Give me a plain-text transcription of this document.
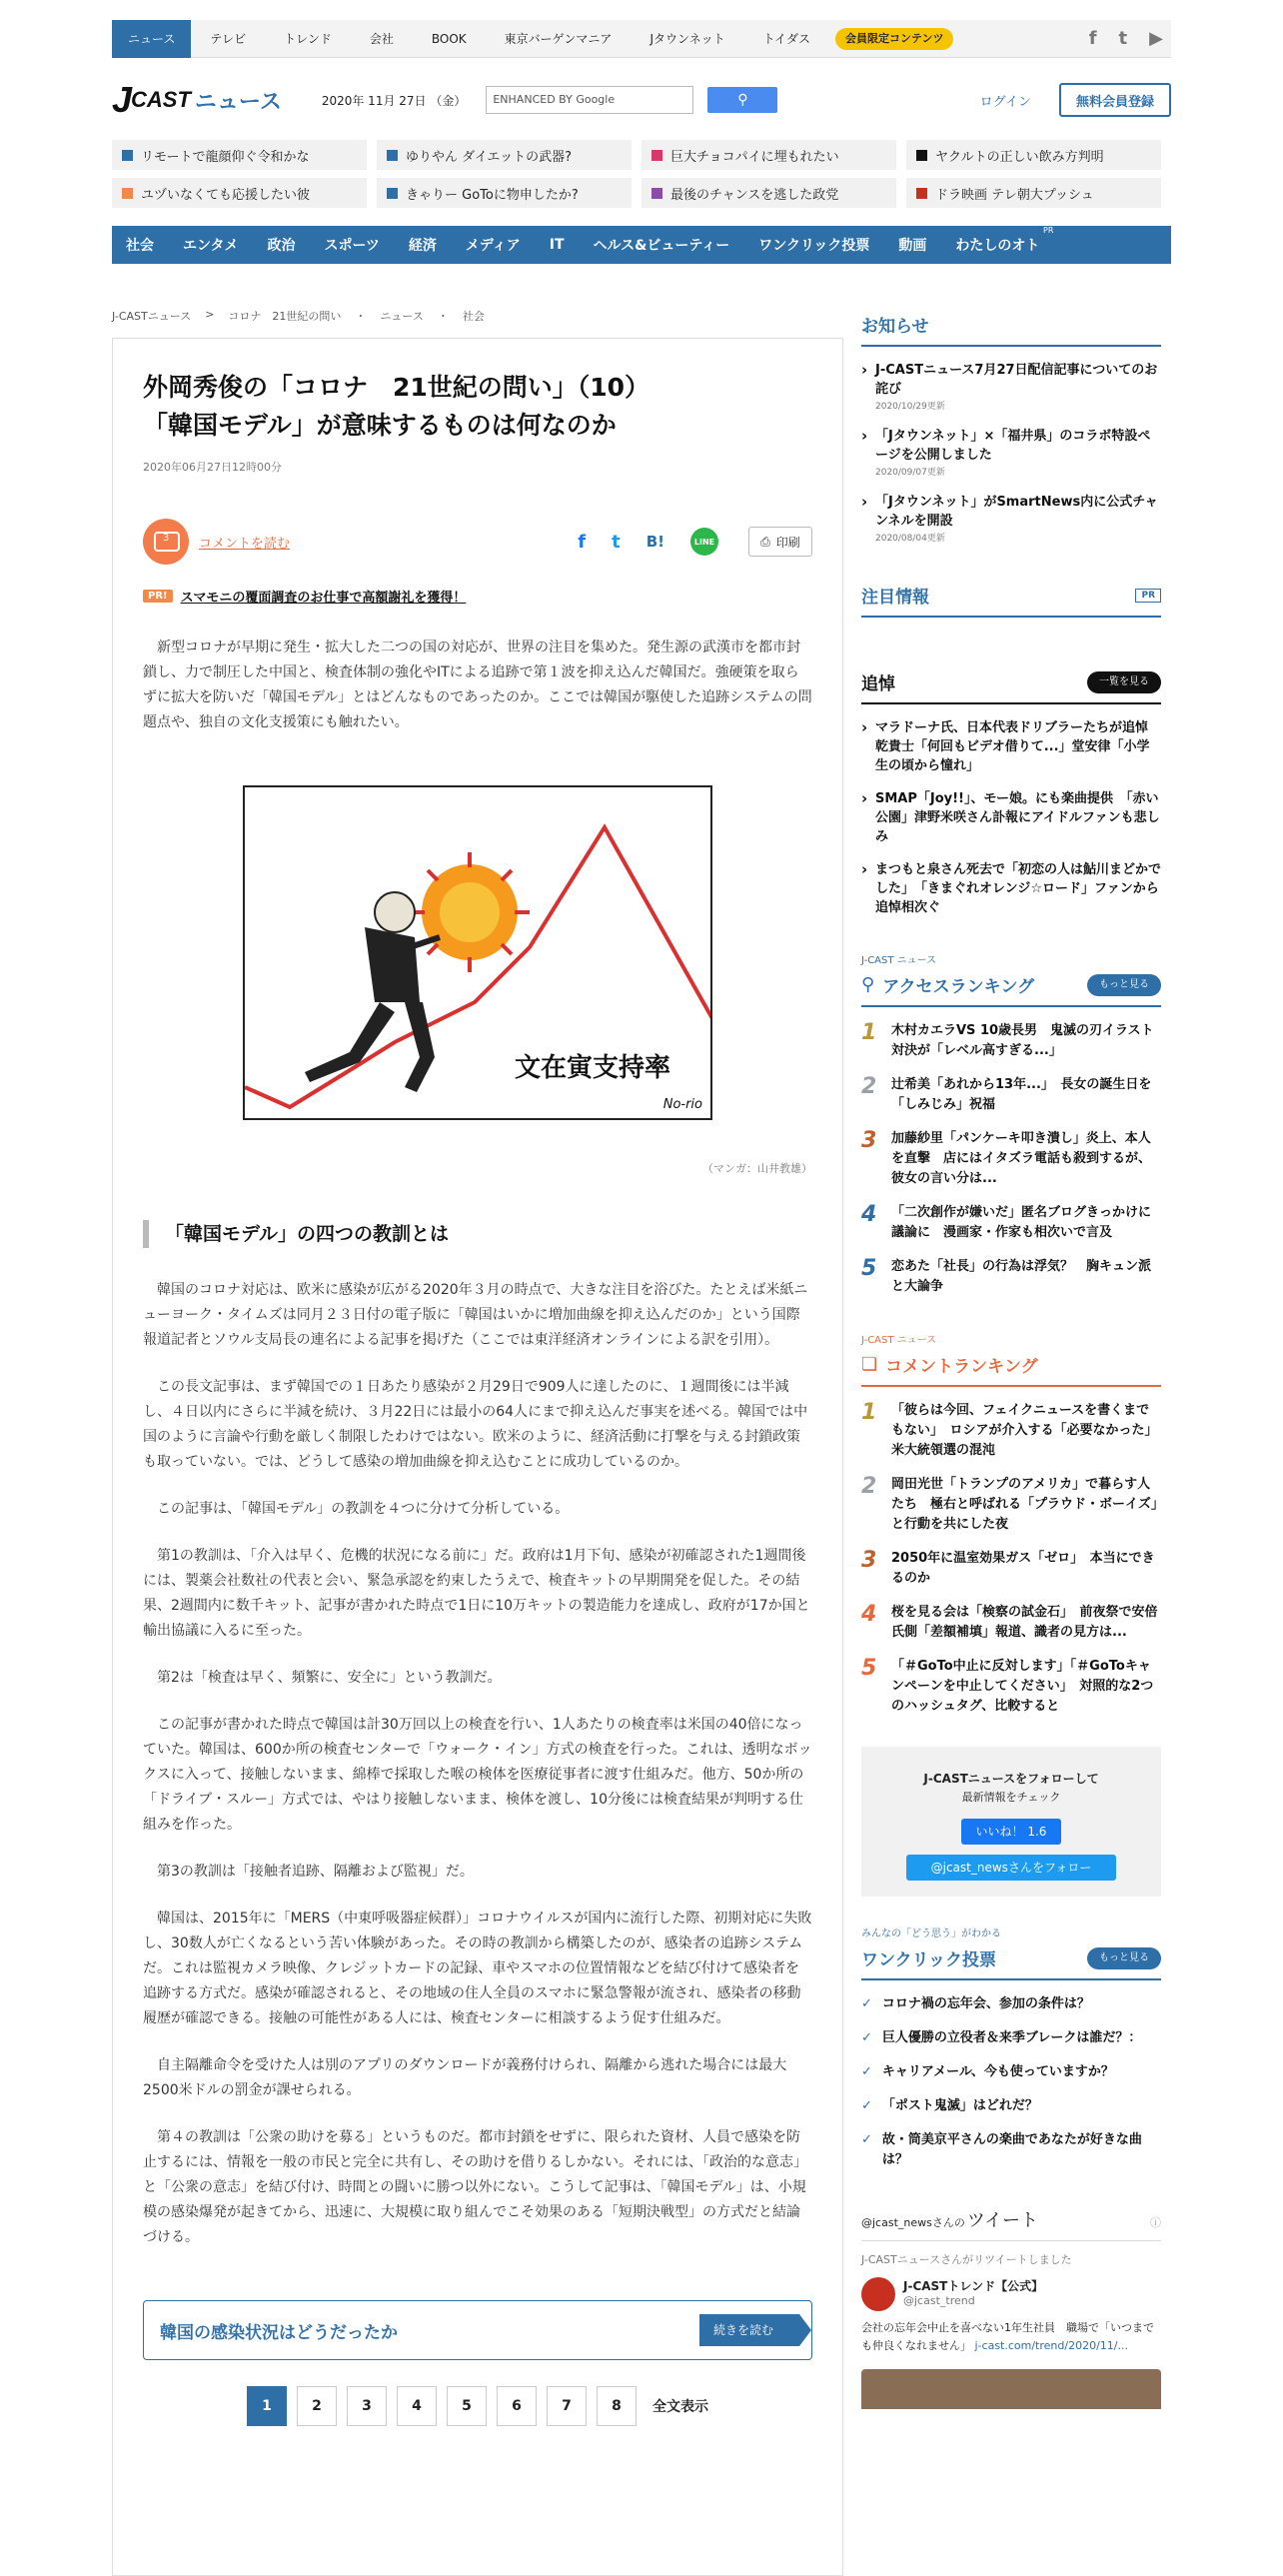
ニュース	テレビ	トレンド	会社	BOOK	東京バーゲンマニア	Jタウンネット	トイダス	会員限定コンテンツ	f t ▶
J CAST ニュース	2020年 11月 27日 （金）	ENHANCED BY Google	⚲	ログイン	無料会員登録
リモートで龍顔仰ぐ令和かな	ゆりやん ダイエットの武器?	巨大チョコパイに埋もれたい	ヤクルトの正しい飲み方判明
ユヅいなくても応援したい彼	きゃりー GoToに物申したか?	最後のチャンスを逃した政党	ドラ映画 テレ朝大プッシュ
社会 エンタメ 政治 スポーツ 経済 メディア IT ヘルス&ビューティー ワンクリック投票 動画 わたしのオト
PR
J-CASTニュース > コロナ　21世紀の問い ・ ニュース ・ 社会
外岡秀俊の「コロナ　21世紀の問い」（10）
「韓国モデル」が意味するものは何なのか
2020年06月27日12時00分
3	コメントを読む	f t B!	LINE	⎙ 印刷
PR!	スマモニの覆面調査のお仕事で高額謝礼を獲得！

新型コロナが早期に発生・拡大した二つの国の対応が、世界の注目を集めた。発生源の武漢市を都市封鎖し、力で制圧した中国と、検査体制の強化やITによる追跡で第１波を抑え込んだ韓国だ。強硬策を取らずに拡大を防いだ「韓国モデル」とはどんなものであったのか。ここでは韓国が駆使した追跡システムの問題点や、独自の文化支援策にも触れたい。

文在寅支持率
No-rio
（マンガ：山井教雄）
「韓国モデル」の四つの教訓とは

韓国のコロナ対応は、欧米に感染が広がる2020年３月の時点で、大きな注目を浴びた。たとえば米紙ニューヨーク・タイムズは同月２３日付の電子版に「韓国はいかに増加曲線を抑え込んだのか」という国際報道記者とソウル支局長の連名による記事を掲げた（ここでは東洋経済オンラインによる訳を引用）。

この長文記事は、まず韓国での１日あたり感染が２月29日で909人に達したのに、１週間後には半減し、４日以内にさらに半減を続け、３月22日には最小の64人にまで抑え込んだ事実を述べる。韓国では中国のように言論や行動を厳しく制限したわけではない。欧米のように、経済活動に打撃を与える封鎖政策も取っていない。では、どうして感染の増加曲線を抑え込むことに成功しているのか。

この記事は、「韓国モデル」の教訓を４つに分けて分析している。

第1の教訓は、「介入は早く、危機的状況になる前に」だ。政府は1月下旬、感染が初確認された1週間後には、製薬会社数社の代表と会い、緊急承認を約束したうえで、検査キットの早期開発を促した。その結果、2週間内に数千キット、記事が書かれた時点で1日に10万キットの製造能力を達成し、政府が17か国と輸出協議に入るに至った。

第2は「検査は早く、頻繁に、安全に」という教訓だ。

この記事が書かれた時点で韓国は計30万回以上の検査を行い、1人あたりの検査率は米国の40倍になっていた。韓国は、600か所の検査センターで「ウォーク・イン」方式の検査を行った。これは、透明なボックスに入って、接触しないまま、綿棒で採取した喉の検体を医療従事者に渡す仕組みだ。他方、50か所の「ドライブ・スルー」方式では、やはり接触しないまま、検体を渡し、10分後には検査結果が判明する仕組みを作った。

第3の教訓は「接触者追跡、隔離および監視」だ。

韓国は、2015年に「MERS（中東呼吸器症候群）」コロナウイルスが国内に流行した際、初期対応に失敗し、30数人が亡くなるという苦い体験があった。その時の教訓から構築したのが、感染者の追跡システムだ。これは監視カメラ映像、クレジットカードの記録、車やスマホの位置情報などを結び付けて感染者を追跡する方式だ。感染が確認されると、その地域の住人全員のスマホに緊急警報が流され、感染者の移動履歴が確認できる。接触の可能性がある人には、検査センターに相談するよう促す仕組みだ。

自主隔離命令を受けた人は別のアプリのダウンロードが義務付けられ、隔離から逃れた場合には最大2500米ドルの罰金が課せられる。

第４の教訓は「公衆の助けを募る」というものだ。都市封鎖をせずに、限られた資材、人員で感染を防止するには、情報を一般の市民と完全に共有し、その助けを借りるしかない。それには、「政治的な意志」と「公衆の意志」を結び付け、時間との闘いに勝つ以外にない。こうして記事は、「韓国モデル」は、小規模の感染爆発が起きてから、迅速に、大規模に取り組んでこそ効果のある「短期決戦型」の方式だと結論づける。

韓国の感染状況はどうだったか	続きを読む
1	2	3	4	5	6	7	8	全文表示
お知らせ
› J-CASTニュース7月27日配信記事についてのお詫び
2020/10/29更新
› 「Jタウンネット」×「福井県」のコラボ特設ページを公開しました
2020/09/07更新
› 「Jタウンネット」がSmartNews内に公式チャンネルを開設
2020/08/04更新
注目情報	PR
追悼	一覧を見る
› マラドーナ氏、日本代表ドリブラーたちが追悼　乾貴士「何回もビデオ借りて...」堂安律「小学生の頃から憧れ」
› SMAP「Joy!!」、モー娘。にも楽曲提供　「赤い公園」津野米咲さん訃報にアイドルファンも悲しみ
› まつもと泉さん死去で「初恋の人は鮎川まどかでした」　「きまぐれオレンジ☆ロード」ファンから追悼相次ぐ
J-CAST ニュース
⚲ アクセスランキング	もっと見る
1	木村カエラVS 10歳長男　鬼滅の刃イラスト対決が「レベル高すぎる...」
2	辻希美「あれから13年...」　長女の誕生日を「しみじみ」祝福
3	加藤紗里「パンケーキ叩き潰し」炎上、本人を直撃　店にはイタズラ電話も殺到するが、彼女の言い分は...
4	「二次創作が嫌いだ」匿名ブログきっかけに議論に　漫画家・作家も相次いで言及
5	恋あた「社長」の行為は浮気？　胸キュン派と大論争
J-CAST ニュース
❏ コメントランキング
1	「彼らは今回、フェイクニュースを書くまでもない」　ロシアが介入する「必要なかった」米大統領選の混沌
2	岡田光世「トランプのアメリカ」で暮らす人たち　極右と呼ばれる「プラウド・ボーイズ」と行動を共にした夜
3	2050年に温室効果ガス「ゼロ」　本当にできるのか
4	桜を見る会は「検察の試金石」　前夜祭で安倍氏側「差額補填」報道、識者の見方は...
5	「＃GoTo中止に反対します」「＃GoToキャンペーンを中止してください」　対照的な2つのハッシュタグ、比較すると
J-CASTニュースをフォローして
最新情報をチェック
いいね！ 1.6
@jcast_newsさんをフォロー
みんなの「どう思う」がわかる
ワンクリック投票	もっと見る
✓ コロナ禍の忘年会、参加の条件は？
✓ 巨人優勝の立役者＆来季ブレークは誰だ？：
✓ キャリアメール、今も使っていますか？
✓ 「ポスト鬼滅」はどれだ？
✓ 故・筒美京平さんの楽曲であなたが好きな曲は？
@jcast_newsさんの ツイート	ⓘ
J-CASTニュースさんがリツイートしました
J-CASTトレンド【公式】
@jcast_trend
会社の忘年会中止を喜べない1年生社員　職場で「いつまでも仲良くなれません」 j-cast.com/trend/2020/11/...
